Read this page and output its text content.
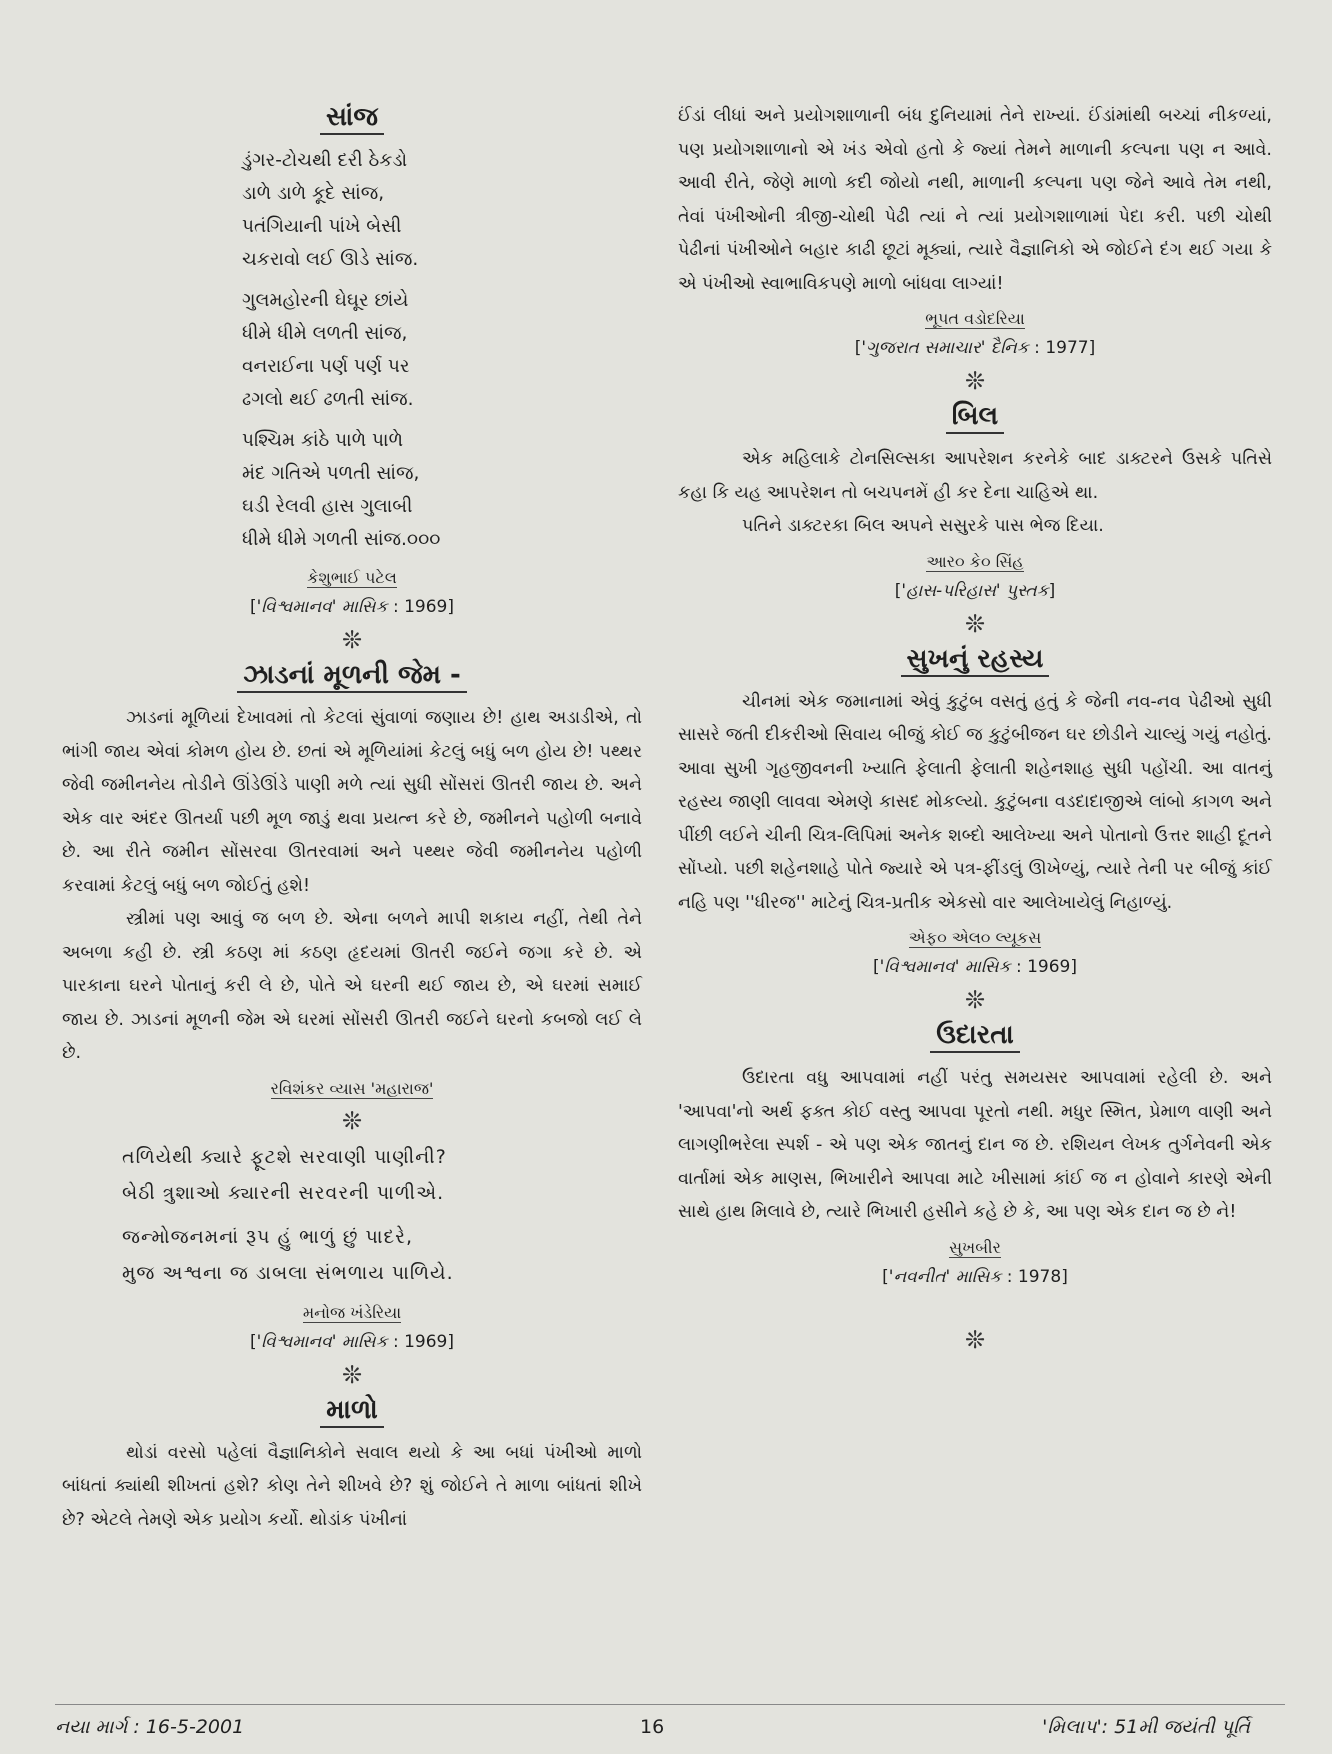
સાંજ
ડુંગર-ટોચથી દરી ઠેકડો
ડાળે ડાળે કૂદે સાંજ,
પતંગિયાની પાંખે બેસી
ચકરાવો લઈ ઊડે સાંજ.
ગુલમહોરની ઘેઘૂર છાંયે
ધીમે ધીમે લળતી સાંજ,
વનરાઈના પર્ણ પર્ણ પર
ઢગલો થઈ ઢળતી સાંજ.
પશ્ચિમ કાંઠે પાળે પાળે
મંદ ગતિએ પળતી સાંજ,
ઘડી રેલવી હાસ ગુલાબી
ધીમે ધીમે ગળતી સાંજ.૦૦૦
કેશુભાઈ પટેલ
['વિશ્વમાનવ' માસિક : 1969]
❊
ઝાડનાં મૂળની જેમ -

ઝાડનાં મૂળિયાં દેખાવમાં તો કેટલાં સુંવાળાં જણાય છે! હાથ અડાડીએ, તો ભાંગી જાય એવાં કોમળ હોય છે. છતાં એ મૂળિયાંમાં કેટલું બધું બળ હોય છે! પથ્થર જેવી જમીનનેય તોડીને ઊંડેઊંડે પાણી મળે ત્યાં સુધી સોંસરાં ઊતરી જાય છે. અને એક વાર અંદર ઊતર્યા પછી મૂળ જાડું થવા પ્રયત્ન કરે છે, જમીનને પહોળી બનાવે છે. આ રીતે જમીન સોંસરવા ઊતરવામાં અને પથ્થર જેવી જમીનનેય પહોળી કરવામાં કેટલું બધું બળ જોઈતું હશે!

સ્ત્રીમાં પણ આવું જ બળ છે. એના બળને માપી શકાય નહીં, તેથી તેને અબળા કહી છે. સ્ત્રી કઠણ માં કઠણ હૃદયમાં ઊતરી જઈને જગા કરે છે. એ પારકાના ઘરને પોતાનું કરી લે છે, પોતે એ ઘરની થઈ જાય છે, એ ઘરમાં સમાઈ જાય છે. ઝાડનાં મૂળની જેમ એ ઘરમાં સોંસરી ઊતરી જઈને ઘરનો કબજો લઈ લે છે.

રવિશંકર વ્યાસ 'મહારાજ'
❊
તળિયેથી ક્યારે ફૂટશે સરવાણી પાણીની?
બેઠી ત્રુશાઓ ક્યારની સરવરની પાળીએ.
જન્મોજનમનાં રૂપ હું ભાળું છું પાદરે,
મુજ અશ્વના જ ડાબલા સંભળાય પાળિયે.
મનોજ ખંડેરિયા
['વિશ્વમાનવ' માસિક : 1969]
❊
માળો

થોડાં વરસો પહેલાં વૈજ્ઞાનિકોને સવાલ થયો કે આ બધાં પંખીઓ માળો બાંધતાં ક્યાંથી શીખતાં હશે? કોણ તેને શીખવે છે? શું જોઈને તે માળા બાંધતાં શીખે છે? એટલે તેમણે એક પ્રયોગ કર્યો. થોડાંક પંખીનાં

ઈંડાં લીધાં અને પ્રયોગશાળાની બંધ દુનિયામાં તેને રાખ્યાં. ઈંડાંમાંથી બચ્ચાં નીકળ્યાં, પણ પ્રયોગશાળાનો એ ખંડ એવો હતો કે જ્યાં તેમને માળાની કલ્પના પણ ન આવે. આવી રીતે, જેણે માળો કદી જોયો નથી, માળાની કલ્પના પણ જેને આવે તેમ નથી, તેવાં પંખીઓની ત્રીજી-ચોથી પેઢી ત્યાં ને ત્યાં પ્રયોગશાળામાં પેદા કરી. પછી ચોથી પેઢીનાં પંખીઓને બહાર કાઢી છૂટાં મૂક્યાં, ત્યારે વૈજ્ઞાનિકો એ જોઈને દંગ થઈ ગયા કે એ પંખીઓ સ્વાભાવિકપણે માળો બાંધવા લાગ્યાં!

ભૂપત વડોદરિયા
['ગુજરાત સમાચાર' દૈનિક : 1977]
❊
બિલ

એક મહિલાકે ટોનસિલ્સકા આપરેશન કરનેકે બાદ ડાક્ટરને ઉસકે પતિસે કહા કિ યહ આપરેશન તો બચપનમેં હી કર દેના ચાહિએ થા.

પતિને ડાક્ટરકા બિલ અપને સસુરકે પાસ ભેજ દિયા.

આર૦ કે૦ સિંહ
['હાસ-પરિહાસ' પુસ્તક]
❊
સુખનું રહસ્ય

ચીનમાં એક જમાનામાં એવું કુટુંબ વસતું હતું કે જેની નવ-નવ પેઢીઓ સુધી સાસરે જતી દીકરીઓ સિવાય બીજું કોઈ જ કુટુંબીજન ઘર છોડીને ચાલ્યું ગયું નહોતું. આવા સુખી ગૃહજીવનની ખ્યાતિ ફેલાતી ફેલાતી શહેનશાહ સુધી પહોંચી. આ વાતનું રહસ્ય જાણી લાવવા એમણે કાસદ મોકલ્યો. કુટુંબના વડદાદાજીએ લાંબો કાગળ અને પીંછી લઈને ચીની ચિત્ર-લિપિમાં અનેક શબ્દો આલેખ્યા અને પોતાનો ઉત્તર શાહી દૂતને સોંપ્યો. પછી શહેનશાહે પોતે જ્યારે એ પત્ર-ફીંડલું ઊખેળ્યું, ત્યારે તેની પર બીજું કાંઈ નહિ પણ ''ધીરજ'' માટેનું ચિત્ર-પ્રતીક એકસો વાર આલેખાયેલું નિહાળ્યું.

એફ૦ એલ૦ લ્યૂકસ
['વિશ્વમાનવ' માસિક : 1969]
❊
ઉદારતા

ઉદારતા વધુ આપવામાં નહીં પરંતુ સમયસર આપવામાં રહેલી છે. અને 'આપવા'નો અર્થ ફક્ત કોઈ વસ્તુ આપવા પૂરતો નથી. મધુર સ્મિત, પ્રેમાળ વાણી અને લાગણીભરેલા સ્પર્શ - એ પણ એક જાતનું દાન જ છે. રશિયન લેખક તુર્ગનેવની એક વાર્તામાં એક માણસ, ભિખારીને આપવા માટે ખીસામાં કાંઈ જ ન હોવાને કારણે એની સાથે હાથ મિલાવે છે, ત્યારે ભિખારી હસીને કહે છે કે, આ પણ એક દાન જ છે ને!

સુખબીર
['નવનીત' માસિક : 1978]
❊
નયા માર્ગ : 16-5-2001	16	'મિલાપ': 51મી જયંતી પૂર્તિ
